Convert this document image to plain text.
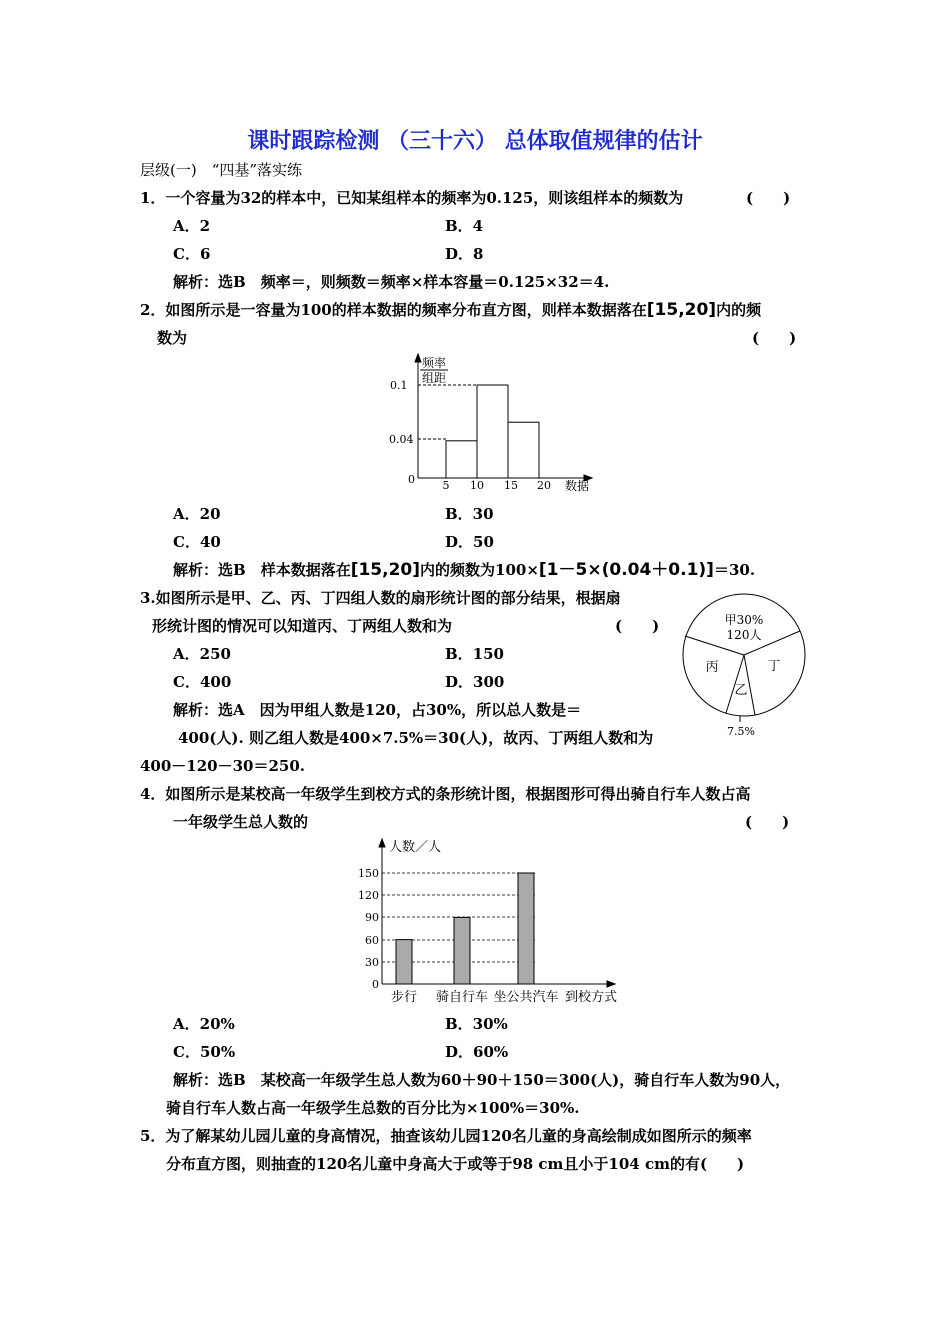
课时跟踪检测 （三十六） 总体取值规律的估计
层级(一)　“四基”落实练
1．一个容量为32的样本中，已知某组样本的频率为0.125，则该组样本的频数为	(　　)
A．2	B．4
C．6	D．8
解析：选B　频率＝，则频数＝频率×样本容量＝0.125×32＝4.
2．如图所示是一容量为100的样本数据的频率分布直方图，则样本数据落在[15,20]内的频
数为	(　　)
频率
组距
0.1
0.04
0	5 10 15 20 数据
A．20	B．30
C．40	D．50
解析：选B　样本数据落在[15,20]内的频数为100×[1－5×(0.04＋0.1)]＝30.
3.如图所示是甲、乙、丙、丁四组人数的扇形统计图的部分结果，根据扇
形统计图的情况可以知道丙、丁两组人数和为	(　　)
A．250	B．150
C．400	D．300
解析：选A　因为甲组人数是120，占30%，所以总人数是＝
400(人). 则乙组人数是400×7.5%＝30(人)，故丙、丁两组人数和为
400－120－30＝250.
甲30%
120人
丙	丁
乙
7.5%
4．如图所示是某校高一年级学生到校方式的条形统计图，根据图形可得出骑自行车人数占高
一年级学生总人数的	(　　)
人数／人
0
30
60
90
120
150
步行 骑自行车 坐公共汽车 到校方式
A．20%	B．30%
C．50%	D．60%
解析：选B　某校高一年级学生总人数为60＋90＋150＝300(人)，骑自行车人数为90人，
骑自行车人数占高一年级学生总数的百分比为×100%＝30%.
5．为了解某幼儿园儿童的身高情况，抽查该幼儿园120名儿童的身高绘制成如图所示的频率
分布直方图，则抽查的120名儿童中身高大于或等于98 cm且小于104 cm的有(　　)
